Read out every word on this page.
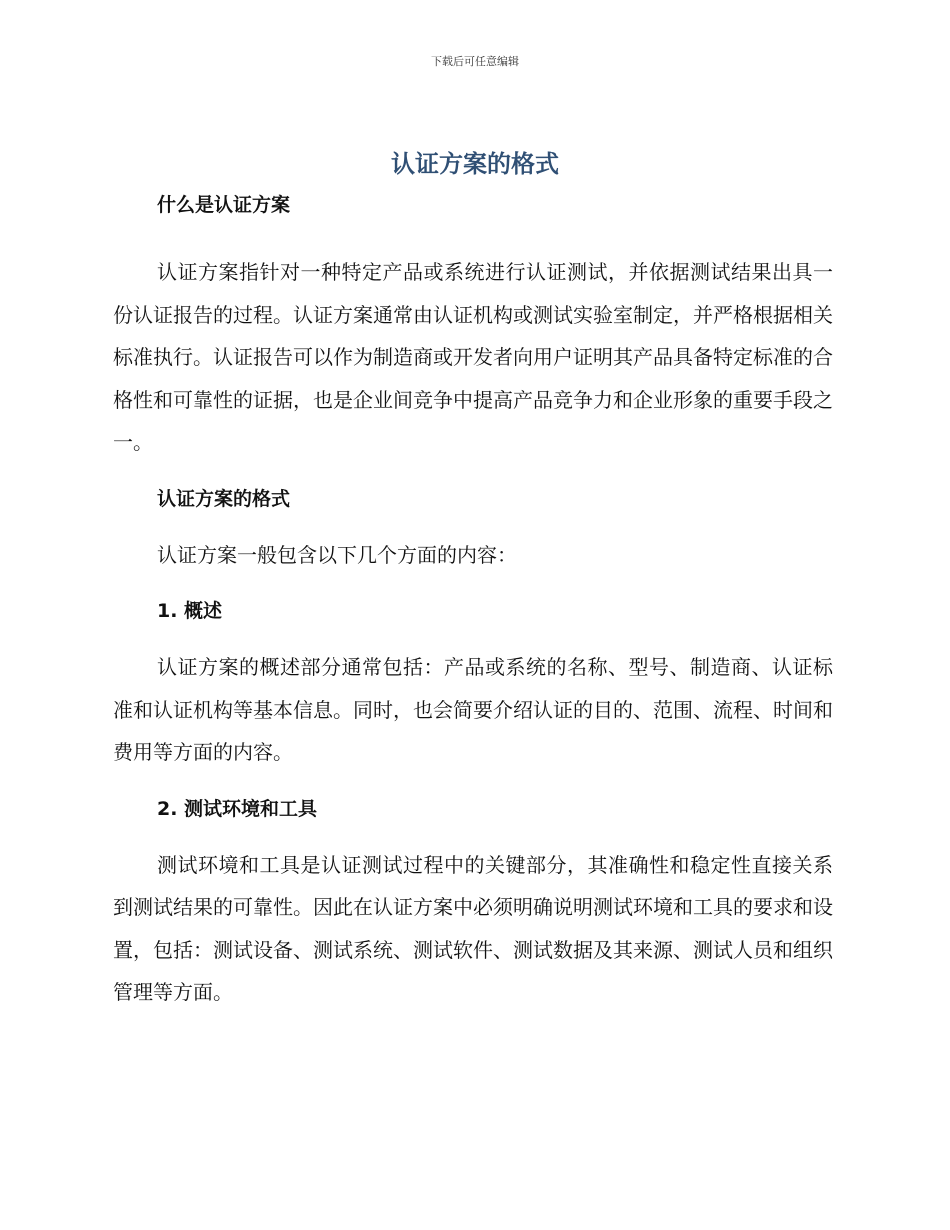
下载后可任意编辑
认证方案的格式
什么是认证方案

认证方案指针对一种特定产品或系统进行认证测试，并依据测试结果出具一份认证报告的过程。认证方案通常由认证机构或测试实验室制定，并严格根据相关标准执行。认证报告可以作为制造商或开发者向用户证明其产品具备特定标准的合格性和可靠性的证据，也是企业间竞争中提高产品竞争力和企业形象的重要手段之一。

认证方案的格式

认证方案一般包含以下几个方面的内容：

1. 概述

认证方案的概述部分通常包括：产品或系统的名称、型号、制造商、认证标准和认证机构等基本信息。同时，也会简要介绍认证的目的、范围、流程、时间和费用等方面的内容。

2. 测试环境和工具

测试环境和工具是认证测试过程中的关键部分，其准确性和稳定性直接关系到测试结果的可靠性。因此在认证方案中必须明确说明测试环境和工具的要求和设置，包括：测试设备、测试系统、测试软件、测试数据及其来源、测试人员和组织管理等方面。
